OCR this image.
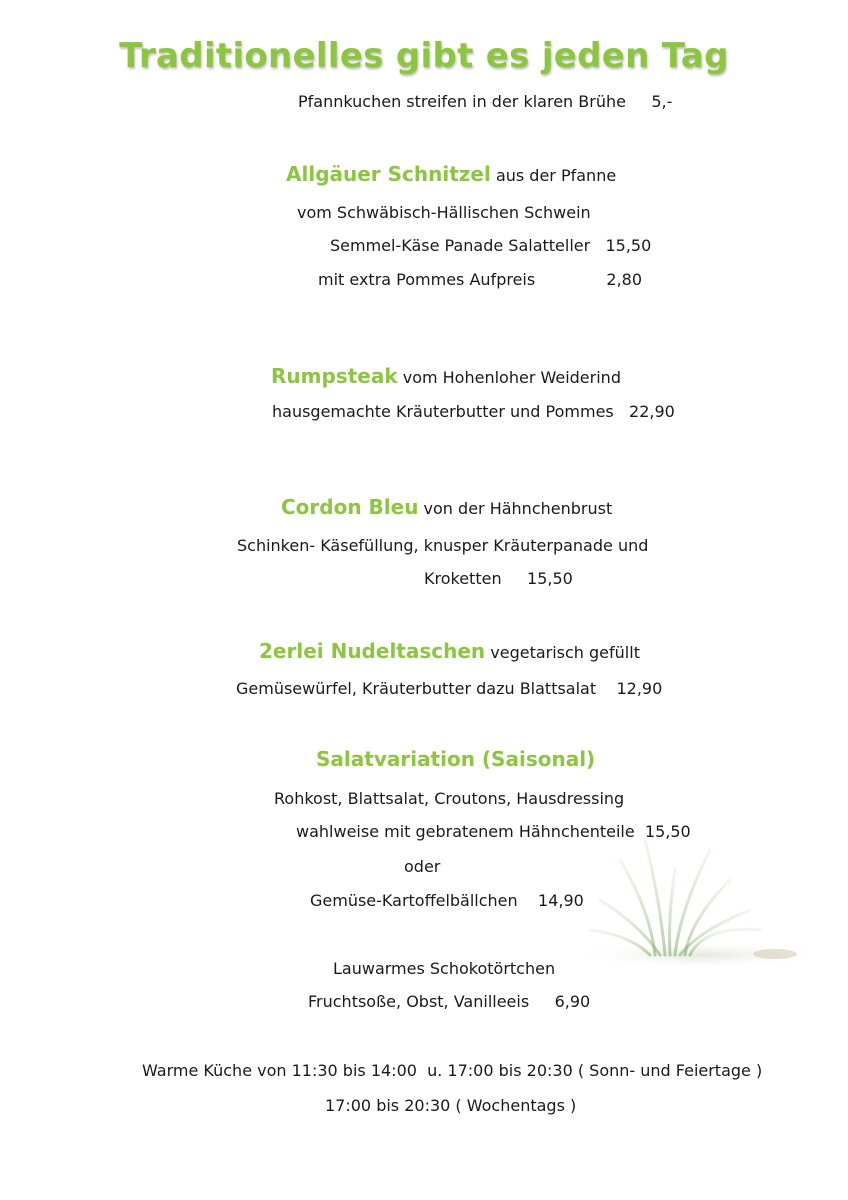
Traditionelles gibt es jeden Tag
Pfannkuchen streifen in der klaren Brühe     5,-
Allgäuer Schnitzel aus der Pfanne
vom Schwäbisch-Hällischen Schwein
Semmel-Käse Panade Salatteller   15,50
mit extra Pommes Aufpreis              2,80
Rumpsteak vom Hohenloher Weiderind
hausgemachte Kräuterbutter und Pommes   22,90
Cordon Bleu von der Hähnchenbrust
Schinken- Käsefüllung, knusper Kräuterpanade und
Kroketten     15,50
2erlei Nudeltaschen vegetarisch gefüllt
Gemüsewürfel, Kräuterbutter dazu Blattsalat    12,90
Salatvariation (Saisonal)
Rohkost, Blattsalat, Croutons, Hausdressing
wahlweise mit gebratenem Hähnchenteile  15,50
oder
Gemüse-Kartoffelbällchen    14,90
Lauwarmes Schokotörtchen
Fruchtsoße, Obst, Vanilleeis     6,90
Warme Küche von 11:30 bis 14:00  u. 17:00 bis 20:30 ( Sonn- und Feiertage )
17:00 bis 20:30 ( Wochentags )
